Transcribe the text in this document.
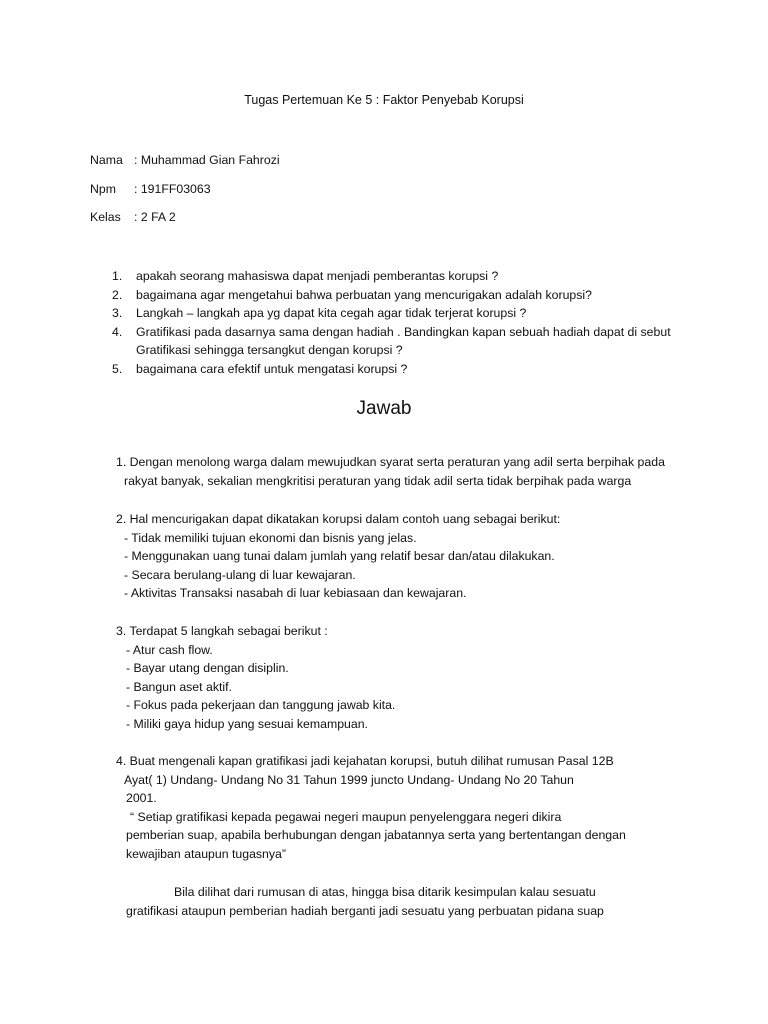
Tugas Pertemuan Ke 5 : Faktor Penyebab Korupsi
Nama : Muhammad Gian Fahrozi
Npm : 191FF03063
Kelas : 2 FA 2
1. apakah seorang mahasiswa dapat menjadi pemberantas korupsi ?
2. bagaimana agar mengetahui bahwa perbuatan yang mencurigakan adalah korupsi?
3. Langkah – langkah apa yg dapat kita cegah agar tidak terjerat korupsi ?
4. Gratifikasi pada dasarnya sama dengan hadiah . Bandingkan kapan sebuah hadiah dapat di sebut
Gratifikasi sehingga tersangkut dengan korupsi ?
5. bagaimana cara efektif untuk mengatasi korupsi ?
Jawab
1. Dengan menolong warga dalam mewujudkan syarat serta peraturan yang adil serta berpihak pada
rakyat banyak, sekalian mengkritisi peraturan yang tidak adil serta tidak berpihak pada warga
2. Hal mencurigakan dapat dikatakan korupsi dalam contoh uang sebagai berikut:
- Tidak memiliki tujuan ekonomi dan bisnis yang jelas.
- Menggunakan uang tunai dalam jumlah yang relatif besar dan/atau dilakukan.
- Secara berulang-ulang di luar kewajaran.
- Aktivitas Transaksi nasabah di luar kebiasaan dan kewajaran.
3. Terdapat 5 langkah sebagai berikut :
- Atur cash flow.
- Bayar utang dengan disiplin.
- Bangun aset aktif.
- Fokus pada pekerjaan dan tanggung jawab kita.
- Miliki gaya hidup yang sesuai kemampuan.
4. Buat mengenali kapan gratifikasi jadi kejahatan korupsi, butuh dilihat rumusan Pasal 12B
Ayat( 1) Undang- Undang No 31 Tahun 1999 juncto Undang- Undang No 20 Tahun
2001.
“ Setiap gratifikasi kepada pegawai negeri maupun penyelenggara negeri dikira
pemberian suap, apabila berhubungan dengan jabatannya serta yang bertentangan dengan
kewajiban ataupun tugasnya”
Bila dilihat dari rumusan di atas, hingga bisa ditarik kesimpulan kalau sesuatu
gratifikasi ataupun pemberian hadiah berganti jadi sesuatu yang perbuatan pidana suap
